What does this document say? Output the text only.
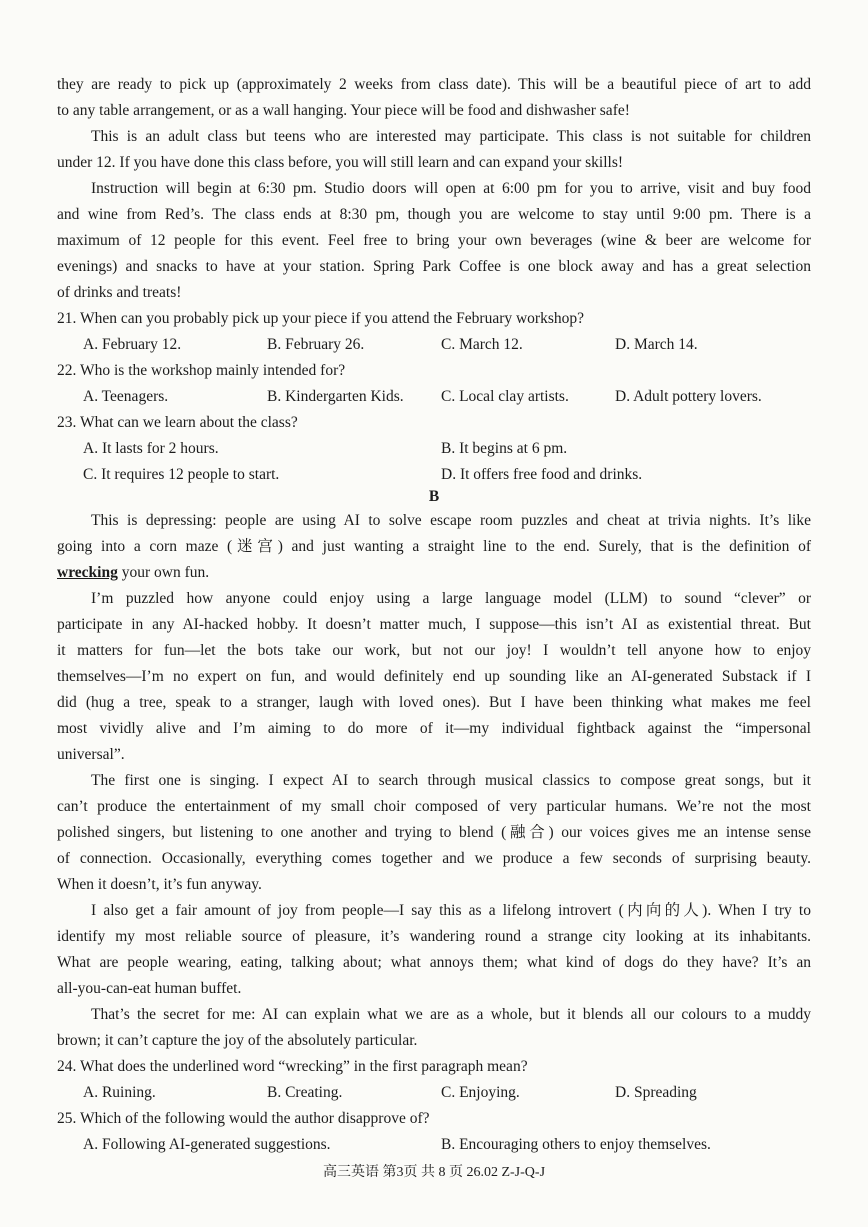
they are ready to pick up (approximately 2 weeks from class date). This will be a beautiful piece of art to add
to any table arrangement, or as a wall hanging. Your piece will be food and dishwasher safe!
This is an adult class but teens who are interested may participate. This class is not suitable for children
under 12. If you have done this class before, you will still learn and can expand your skills!
Instruction will begin at 6:30 pm. Studio doors will open at 6:00 pm for you to arrive, visit and buy food
and wine from Red’s. The class ends at 8:30 pm, though you are welcome to stay until 9:00 pm. There is a
maximum of 12 people for this event. Feel free to bring your own beverages (wine & beer are welcome for
evenings) and snacks to have at your station. Spring Park Coffee is one block away and has a great selection
of drinks and treats!
21. When can you probably pick up your piece if you attend the February workshop?
A. February 12.	B. February 26.	C. March 12.	D. March 14.
22. Who is the workshop mainly intended for?
A. Teenagers.	B. Kindergarten Kids. C. Local clay artists.	D. Adult pottery lovers.
23. What can we learn about the class?
A. It lasts for 2 hours.	B. It begins at 6 pm.
C. It requires 12 people to start.	D. It offers free food and drinks.
B
This is depressing: people are using AI to solve escape room puzzles and cheat at trivia nights. It’s like
going into a corn maze (迷宫) and just wanting a straight line to the end. Surely, that is the definition of
wrecking your own fun.
I’m puzzled how anyone could enjoy using a large language model (LLM) to sound “clever” or
participate in any AI-hacked hobby. It doesn’t matter much, I suppose—this isn’t AI as existential threat. But
it matters for fun—let the bots take our work, but not our joy! I wouldn’t tell anyone how to enjoy
themselves—I’m no expert on fun, and would definitely end up sounding like an AI-generated Substack if I
did (hug a tree, speak to a stranger, laugh with loved ones). But I have been thinking what makes me feel
most vividly alive and I’m aiming to do more of it—my individual fightback against the “impersonal
universal”.
The first one is singing. I expect AI to search through musical classics to compose great songs, but it
can’t produce the entertainment of my small choir composed of very particular humans. We’re not the most
polished singers, but listening to one another and trying to blend (融合) our voices gives me an intense sense
of connection. Occasionally, everything comes together and we produce a few seconds of surprising beauty.
When it doesn’t, it’s fun anyway.
I also get a fair amount of joy from people—I say this as a lifelong introvert (内向的人). When I try to
identify my most reliable source of pleasure, it’s wandering round a strange city looking at its inhabitants.
What are people wearing, eating, talking about; what annoys them; what kind of dogs do they have? It’s an
all-you-can-eat human buffet.
That’s the secret for me: AI can explain what we are as a whole, but it blends all our colours to a muddy
brown; it can’t capture the joy of the absolutely particular.
24. What does the underlined word “wrecking” in the first paragraph mean?
A. Ruining.	B. Creating.	C. Enjoying.	D. Spreading
25. Which of the following would the author disapprove of?
A. Following AI-generated suggestions.	B. Encouraging others to enjoy themselves.
高三英语 第3页 共 8 页 26.02 Z-J-Q-J
